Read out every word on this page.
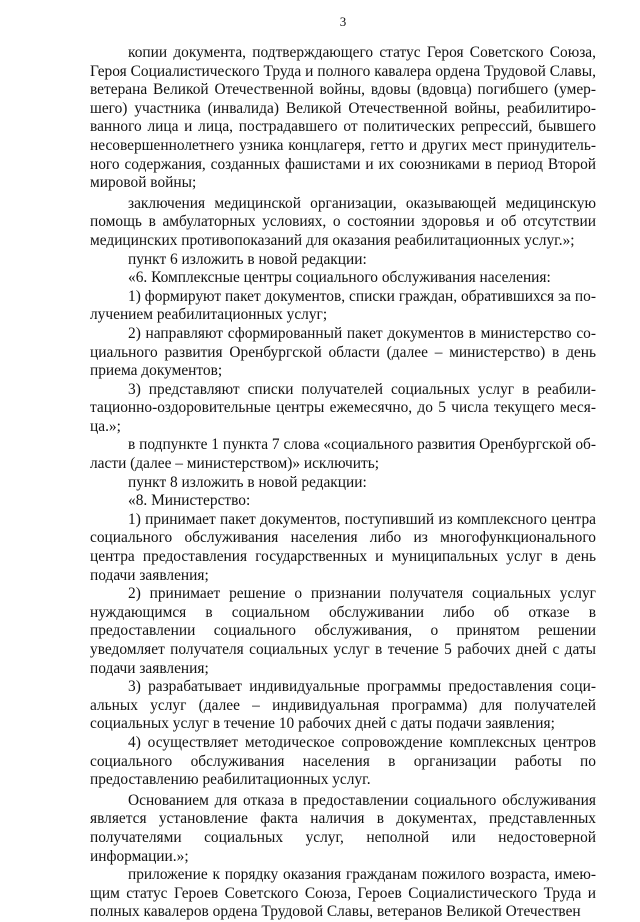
3

копии документа, подтверждающего статус Героя Советского Союза, Героя Социалистического Труда и полного кавалера ордена Трудовой Славы, ветерана Великой Отечественной войны, вдовы (вдовца) погибшего (умершего) участника (инвалида) Великой Отечественной войны, реабилитированного лица и лица, пострадавшего от политических репрессий, бывшего несовершеннолетнего узника концлагеря, гетто и других мест принудительного содержания, созданных фашистами и их союзниками в период Второй мировой войны;

заключения медицинской организации, оказывающей медицинскую помощь в амбулаторных условиях, о состоянии здоровья и об отсутствии медицинских противопоказаний для оказания реабилитационных услуг.»;

пункт 6 изложить в новой редакции:

«6. Комплексные центры социального обслуживания населения:

1) формируют пакет документов, списки граждан, обратившихся за получением реабилитационных услуг;

2) направляют сформированный пакет документов в министерство социального развития Оренбургской области (далее – министерство) в день приема документов;

3) представляют списки получателей социальных услуг в реабилитационно-оздоровительные центры ежемесячно, до 5 числа текущего месяца.»;

в подпункте 1 пункта 7 слова «социального развития Оренбургской области (далее – министерством)» исключить;

пункт 8 изложить в новой редакции:

«8. Министерство:

1) принимает пакет документов, поступивший из комплексного центра социального обслуживания населения либо из многофункционального центра предоставления государственных и муниципальных услуг в день подачи заявления;

2) принимает решение о признании получателя социальных услуг нуждающимся в социальном обслуживании либо об отказе в предоставлении социального обслуживания, о принятом решении уведомляет получателя социальных услуг в течение 5 рабочих дней с даты подачи заявления;

3) разрабатывает индивидуальные программы предоставления социальных услуг (далее – индивидуальная программа) для получателей социальных услуг в течение 10 рабочих дней с даты подачи заявления;

4) осуществляет методическое сопровождение комплексных центров социального обслуживания населения в организации работы по предоставлению реабилитационных услуг.

Основанием для отказа в предоставлении социального обслуживания является установление факта наличия в документах, представленных получателями социальных услуг, неполной или недостоверной информации.»;

приложение к порядку оказания гражданам пожилого возраста, имеющим статус Героев Советского Союза, Героев Социалистического Труда и полных кавалеров ордена Трудовой Славы, ветеранов Великой Отечествен
